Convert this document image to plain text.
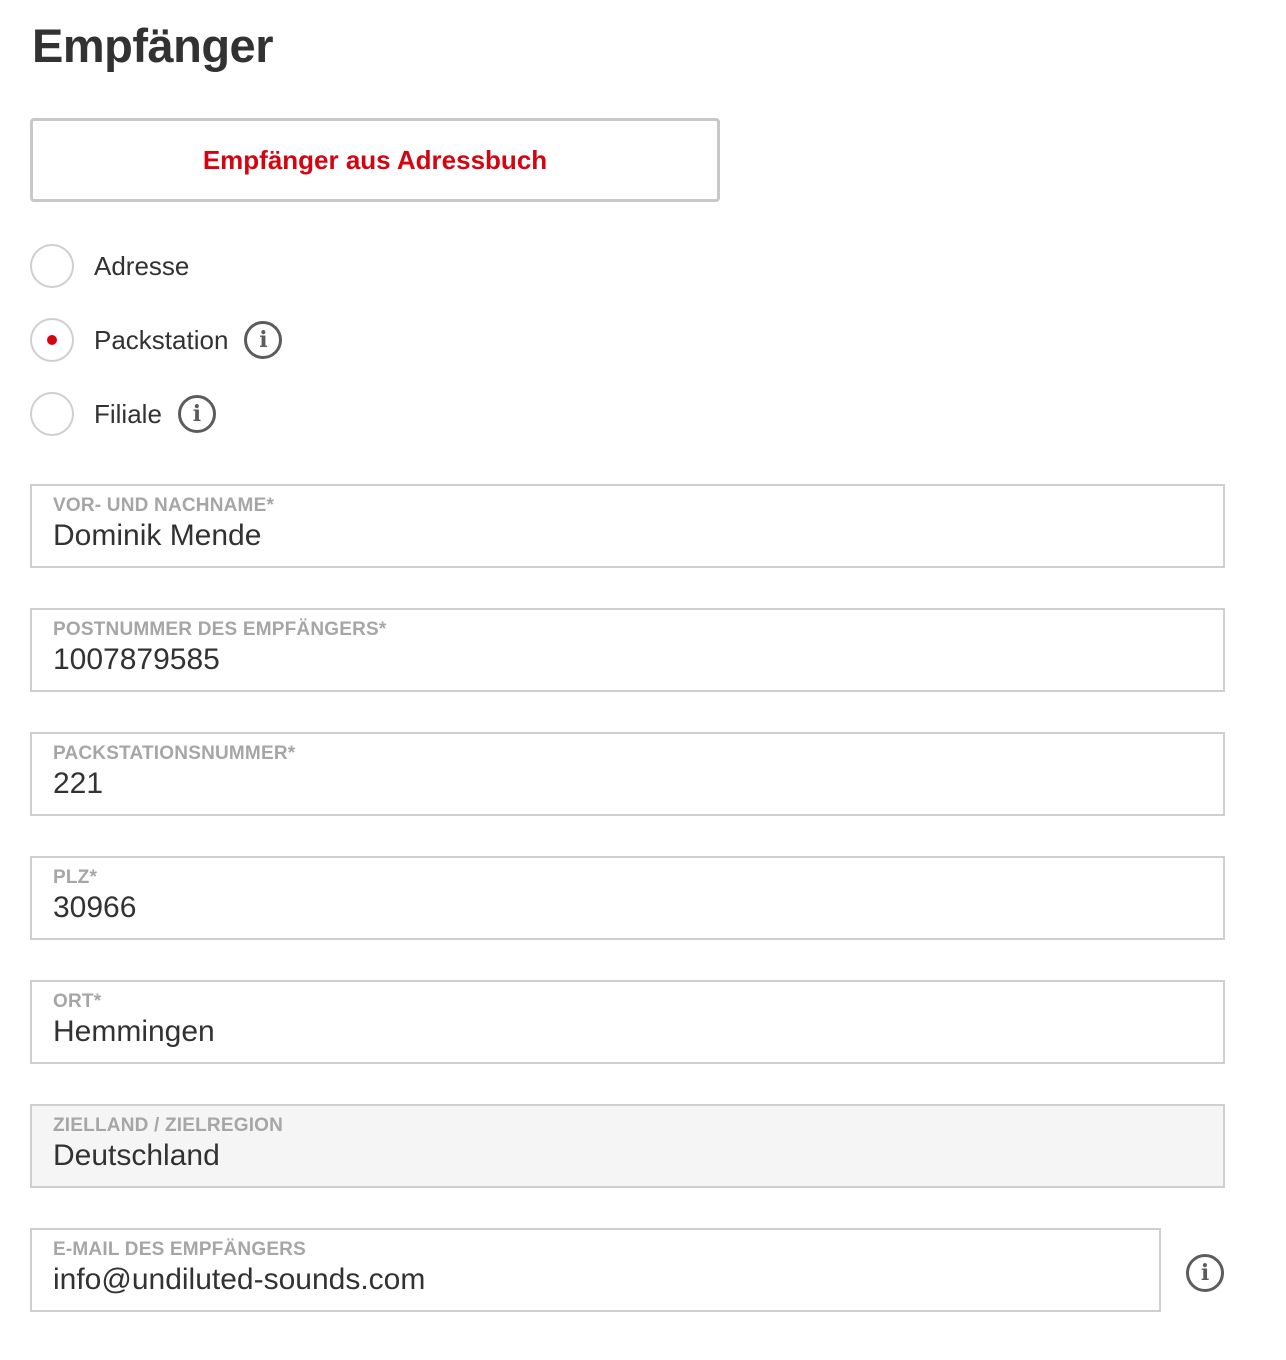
Empfänger
Empfänger aus Adressbuch
Adresse
Packstation	i
Filiale	i
VOR- UND NACHNAME*
Dominik Mende
POSTNUMMER DES EMPFÄNGERS*
1007879585
PACKSTATIONSNUMMER*
221
PLZ*
30966
ORT*
Hemmingen
ZIELLAND / ZIELREGION
Deutschland
E-MAIL DES EMPFÄNGERS
info@undiluted-sounds.com	i
